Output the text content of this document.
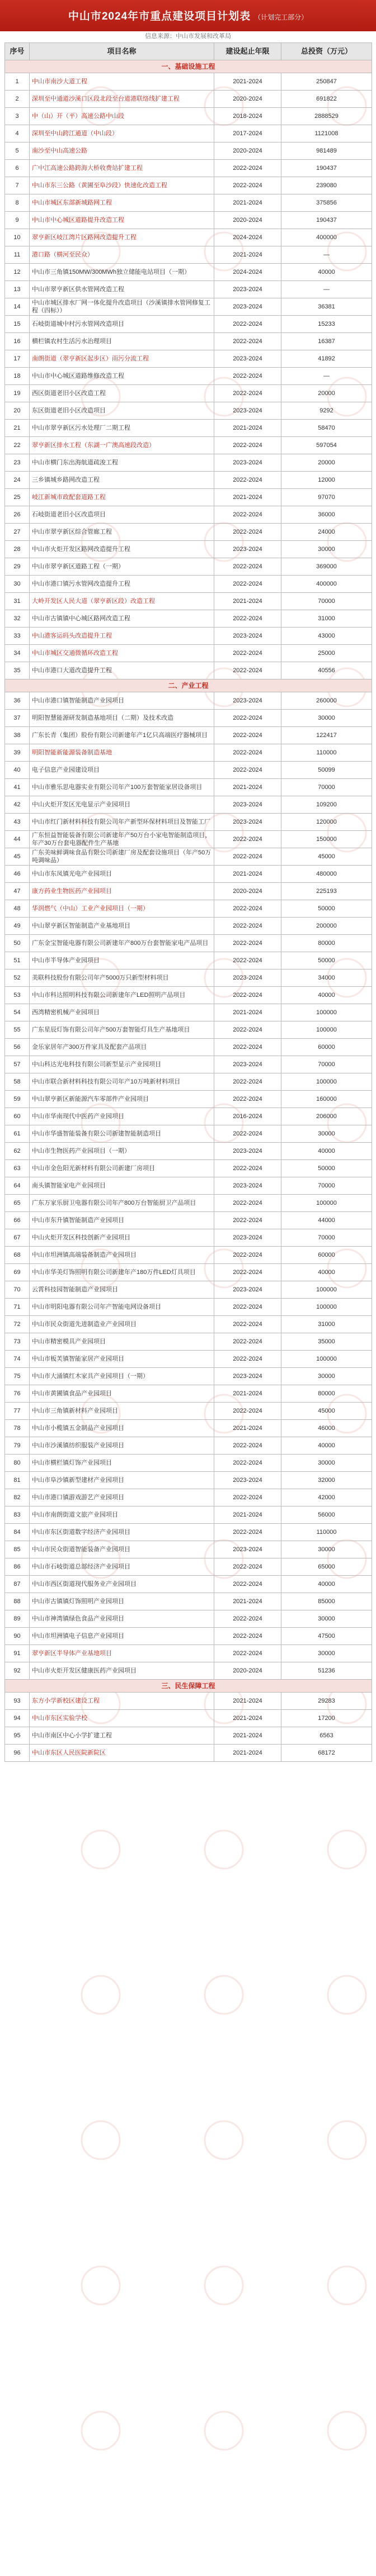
中山市2024年市重点建设项目计划表 （计划完工部分）
信息来源：中山市发展和改革局
序号	项目名称	建设起止年限	总投资（万元）
一、基础设施工程			
1	中山市南沙大道工程	2021-2024	250847
2	深圳至中通道沙溪口区段北段至台道港联络线扩建工程	2020-2024	691822
3	中（山）开（平）高速公路中山段	2018-2024	2888529
4	深圳至中山跨江通道（中山段）	2017-2024	1121008
5	南沙至中山高速公路	2020-2024	981489
6	广中江高速公路跨海大桥收费站扩建工程	2022-2024	190437
7	中山市东三公路（黄圃至阜沙段）快速化改造工程	2022-2024	239080
8	中山市城区东部新城路网工程	2021-2024	375856
9	中山市中心城区道路提升改造工程	2020-2024	190437
10	翠亨新区岐江湾片区路网改造提升工程	2024-2024	400000
11	港口路（横河至民众）	2021-2024	—
12	中山市三角镇150MW/300MWh独立储能电站项目（一期）	2024-2024	40000
13	中山市翠亨新区供水管网改造工程	2023-2024	—
14	中山市城区排水厂网一体化提升改造项目（沙溪镇排水管网修复工程（四标））	2023-2024	36381
15	石岐街道城中村污水管网改造项目	2022-2024	15233
16	横栏镇农村生活污水治理项目	2022-2024	16387
17	南朗街道（翠亨新区起步区）雨污分流工程	2023-2024	41892
18	中山市中心城区道路维修改造工程	2022-2024	—
19	西区街道老旧小区改造工程	2022-2024	20000
20	东区街道老旧小区改造项目	2023-2024	9292
21	中山市翠亨新区污水处理厂二期工程	2021-2024	58470
22	翠亨新区排水工程（东湖一广澳高速段改造）	2022-2024	597054
23	中山市横门东出海航道疏浚工程	2023-2024	20000
24	三乡镇城乡路网改造工程	2022-2024	12000
25	岐江新城市政配套道路工程	2021-2024	97070
26	石岐街道老旧小区改造项目	2022-2024	36000
27	中山市翠亨新区综合管廊工程	2022-2024	24000
28	中山市火炬开发区路网改造提升工程	2023-2024	30000
29	中山市翠亨新区道路工程（一期）	2022-2024	369000
30	中山市港口镇污水管网改造提升工程	2022-2024	400000
31	大岭开发区人民大道（翠亨新区段）改造工程	2021-2024	70000
32	中山市古镇镇中心城区路网改造工程	2022-2024	31000
33	中山港客运码头改造提升工程	2023-2024	43000
34	中山市城区交通微循环改造工程	2022-2024	25000
35	中山市港口大道改造提升工程	2022-2024	40556
二、产业工程			
36	中山市港口镇智能制造产业园项目	2023-2024	260000
37	明阳智慧能源研发制造基地项目（二期）及技术改造	2022-2024	30000
38	广东长青（集团）股份有限公司新建年产1亿只高端医疗器械项目	2022-2024	122417
39	明阳智能新能源装备制造基地	2022-2024	110000
40	电子信息产业园建设项目	2022-2024	50099
41	中山市雅乐思电器实业有限公司年产100万套智能家居设备项目	2021-2024	70000
42	中山火炬开发区光电显示产业园项目	2023-2024	109200
43	中山市红门新材料科技有限公司年产新型环保材料项目及智能工厂	2023-2024	120000
44	广东恒益智能装备有限公司新建年产50万台小家电智能制造项目，年产30万台套电器配件生产基地	2022-2024	150000
45	广东美味鲜调味食品有限公司新建厂房及配套设施项目（年产50万吨调味品）	2022-2024	45000
46	中山市东凤镇光电产业园项目	2021-2024	480000
47	康方药业生物医药产业园项目	2020-2024	225193
48	华润燃气（中山）工业产业园项目（一期）	2022-2024	50000
49	中山翠亨新区智能制造产业基地项目	2022-2024	200000
50	广东金宝智能电器有限公司新建年产800万台套智能家电产品项目	2022-2024	80000
51	中山市半导体产业园项目	2022-2024	50000
52	美联科技股份有限公司年产5000万只新型材料项目	2023-2024	34000
53	中山市科达照明科技有限公司新建年产LED照明产品项目	2022-2024	40000
54	西湾精密机械产业园项目	2021-2024	100000
55	广东星辰灯饰有限公司年产500万套智能灯具生产基地项目	2022-2024	100000
56	金乐家居年产300万件家具及配套产品项目	2022-2024	60000
57	中山科达光电科技有限公司新型显示产业园项目	2023-2024	70000
58	中山市联合新材料科技有限公司年产10万吨新材料项目	2022-2024	100000
59	中山翠亨新区新能源汽车零部件产业园项目	2022-2024	160000
60	中山市华南现代中医药产业园项目	2016-2024	206000
61	中山市华盛智能装备有限公司新建智能制造项目	2022-2024	30000
62	中山市生物医药产业园项目（一期）	2023-2024	40000
63	中山市金色阳光新材料有限公司新建厂房项目	2022-2024	50000
64	南头镇智能家电产业园项目	2023-2024	70000
65	广东万家乐厨卫电器有限公司年产800万台智能厨卫产品项目	2022-2024	100000
66	中山市东升镇智能制造产业园项目	2022-2024	44000
67	中山火炬开发区科技创新产业园项目	2023-2024	70000
68	中山市坦洲镇高端装备制造产业园项目	2022-2024	60000
69	中山市华美灯饰照明有限公司新建年产180万件LED灯具项目	2022-2024	40000
70	云霄科技园智能制造产业园项目	2023-2024	100000
71	中山市明阳电器有限公司年产智能电网设备项目	2022-2024	100000
72	中山市民众街道先进制造业产业园项目	2022-2024	31000
73	中山市精密模具产业园项目	2022-2024	35000
74	中山市板芙镇智能家居产业园项目	2022-2024	100000
75	中山市大涌镇红木家具产业园项目（一期）	2023-2024	30000
76	中山市黄圃镇食品产业园项目	2021-2024	80000
77	中山市三角镇新材料产业园项目	2022-2024	45000
78	中山市小榄镇五金制品产业园项目	2021-2024	46000
79	中山市沙溪镇纺织服装产业园项目	2022-2024	40000
80	中山市横栏镇灯饰产业园项目	2022-2024	30000
81	中山市阜沙镇新型建材产业园项目	2023-2024	32000
82	中山市港口镇游戏游艺产业园项目	2022-2024	42000
83	中山市南朗街道文旅产业园项目	2021-2024	56000
84	中山市东区街道数字经济产业园项目	2022-2024	110000
85	中山市民众街道智能装备产业园项目	2023-2024	30000
86	中山市石岐街道总部经济产业园项目	2022-2024	65000
87	中山市西区街道现代服务业产业园项目	2022-2024	40000
88	中山市古镇镇灯饰照明产业园项目	2021-2024	85000
89	中山市神湾镇绿色食品产业园项目	2022-2024	30000
90	中山市坦洲镇电子信息产业园项目	2022-2024	47500
91	翠亨新区半导体产业基地项目	2022-2024	30000
92	中山市火炬开发区健康医药产业园项目	2020-2024	51236
三、民生保障工程			
93	东方小学新校区建设工程	2021-2024	29283
94	中山市东区实验学校	2021-2024	17200
95	中山市南区中心小学扩建工程	2021-2024	6563
96	中山市东区人民医院新院区	2021-2024	68172
